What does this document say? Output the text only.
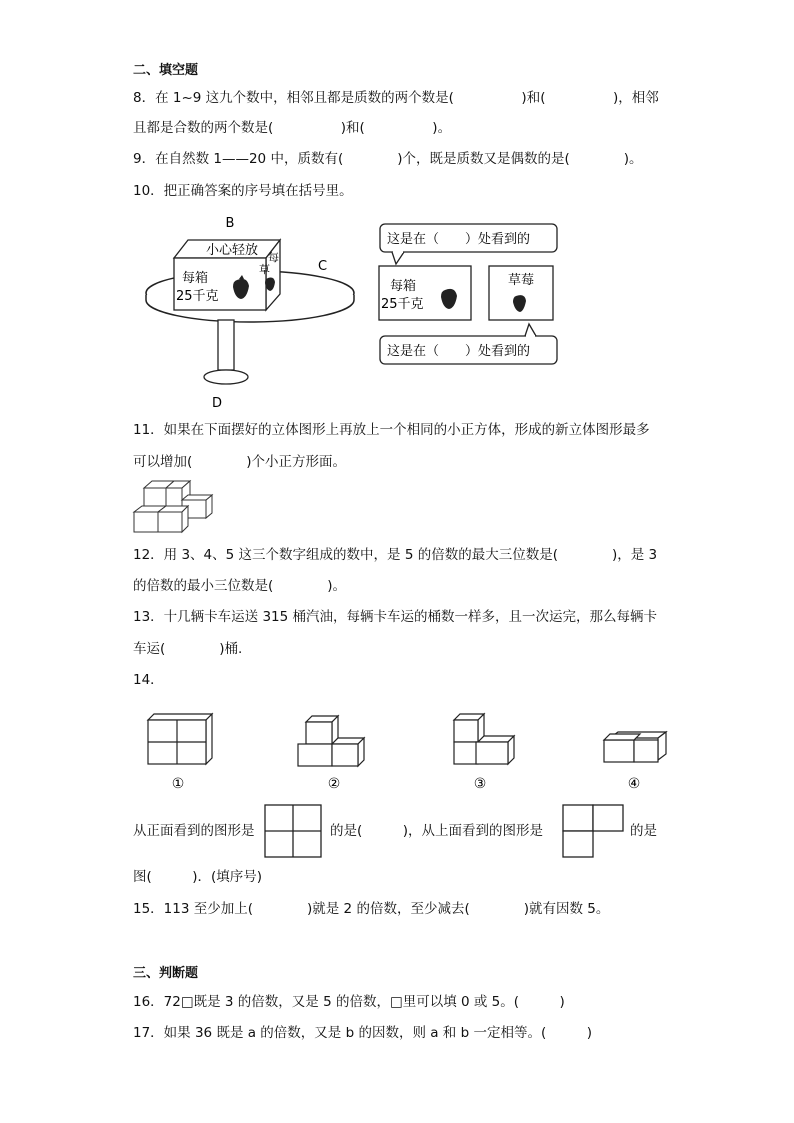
二、填空题
8．在 1~9 这九个数中，相邻且都是质数的两个数是(　　　　　)和(　　　　　)，相邻
且都是合数的两个数是(　　　　　)和(　　　　　)。
9．在自然数 1——20 中，质数有(　　　　)个，既是质数又是偶数的是(　　　　)。
10．把正确答案的序号填在括号里。
小心轻放
每箱
25千克
每
草
B
C
D
这是在（　　）处看到的
每箱
25千克
草莓
这是在（　　）处看到的
11．如果在下面摆好的立体图形上再放上一个相同的小正方体，形成的新立体图形最多
可以增加(　　　　)个小正方形面。
12．用 3、4、5 这三个数字组成的数中，是 5 的倍数的最大三位数是(　　　　)，是 3
的倍数的最小三位数是(　　　　)。
13．十几辆卡车运送 315 桶汽油，每辆卡车运的桶数一样多，且一次运完，那么每辆卡
车运(　　　　)桶.
14．
①	②	③	④
从正面看到的图形是	的是(　　　)，从上面看到的图形是	的是
图(　　　)．(填序号)
15．113 至少加上(　　　　)就是 2 的倍数，至少减去(　　　　)就有因数 5。
三、判断题
16．72□既是 3 的倍数，又是 5 的倍数，□里可以填 0 或 5。(　　　)
17．如果 36 既是 a 的倍数，又是 b 的因数，则 a 和 b 一定相等。(　　　)
